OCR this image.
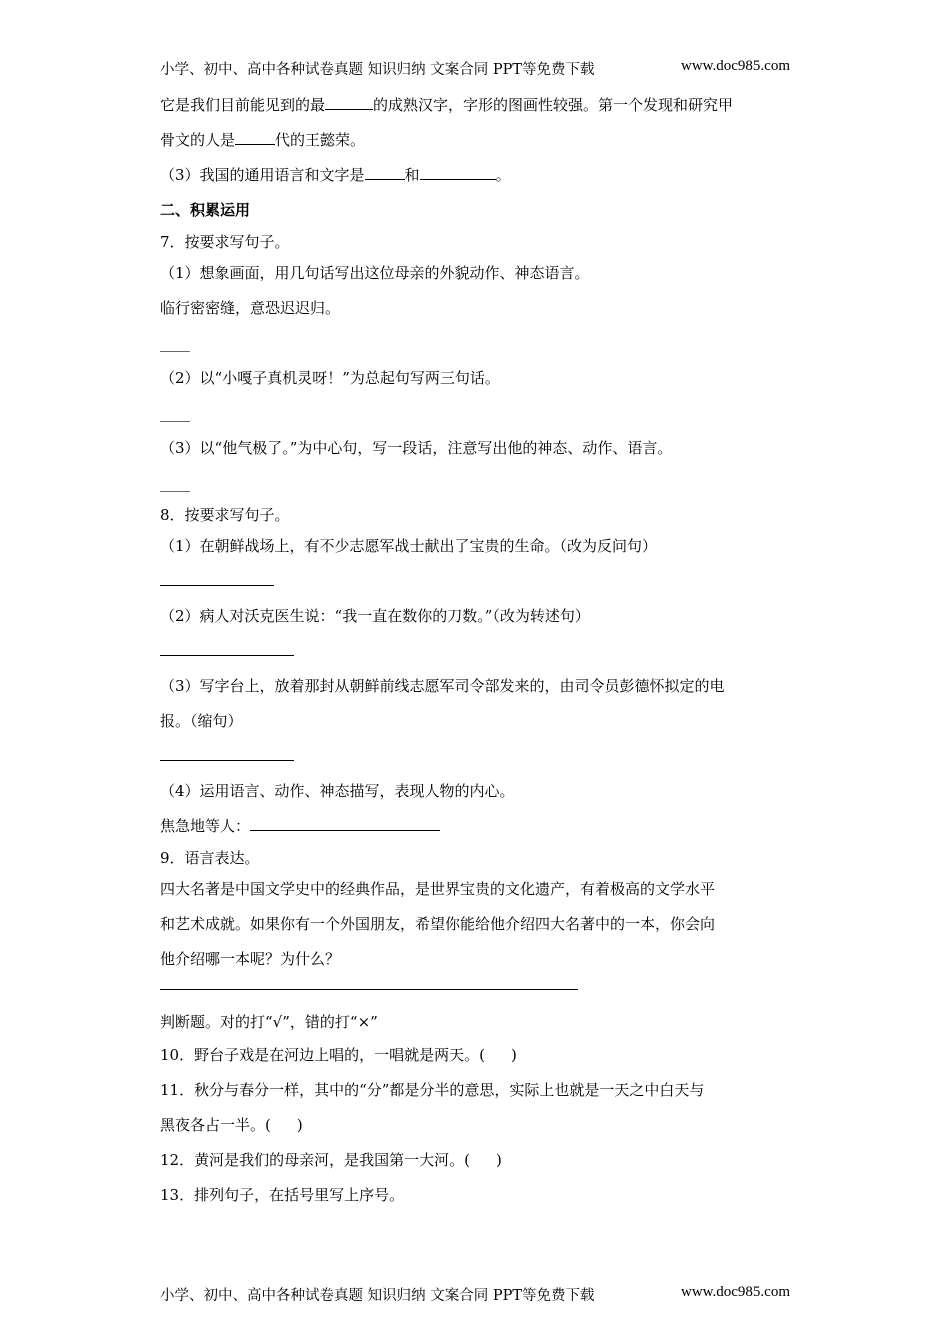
小学、初中、高中各种试卷真题 知识归纳 文案合同 PPT等免费下载	www.doc985.com
它是我们目前能见到的最	的成熟汉字，字形的图画性较强。第一个发现和研究甲
骨文的人是	代的王懿荣。
（3）我国的通用语言和文字是	和	。
二、积累运用
7．按要求写句子。
（1）想象画面，用几句话写出这位母亲的外貌动作、神态语言。
临行密密缝，意恐迟迟归。
____
（2）以“小嘎子真机灵呀！”为总起句写两三句话。
____
（3）以“他气极了。”为中心句，写一段话，注意写出他的神态、动作、语言。
____
8．按要求写句子。
（1）在朝鲜战场上，有不少志愿军战士献出了宝贵的生命。（改为反问句）
（2）病人对沃克医生说：“我一直在数你的刀数。”（改为转述句）
（3）写字台上，放着那封从朝鲜前线志愿军司令部发来的，由司令员彭德怀拟定的电
报。（缩句）
（4）运用语言、动作、神态描写，表现人物的内心。
焦急地等人：
9．语言表达。
四大名著是中国文学史中的经典作品，是世界宝贵的文化遗产，有着极高的文学水平
和艺术成就。如果你有一个外国朋友，希望你能给他介绍四大名著中的一本，你会向
他介绍哪一本呢？为什么？
判断题。对的打“√”，错的打“×”
10．野台子戏是在河边上唱的，一唱就是两天。( )
11．秋分与春分一样，其中的“分”都是分半的意思，实际上也就是一天之中白天与
黑夜各占一半。( )
12．黄河是我们的母亲河，是我国第一大河。( )
13．排列句子，在括号里写上序号。
小学、初中、高中各种试卷真题 知识归纳 文案合同 PPT等免费下载	www.doc985.com
